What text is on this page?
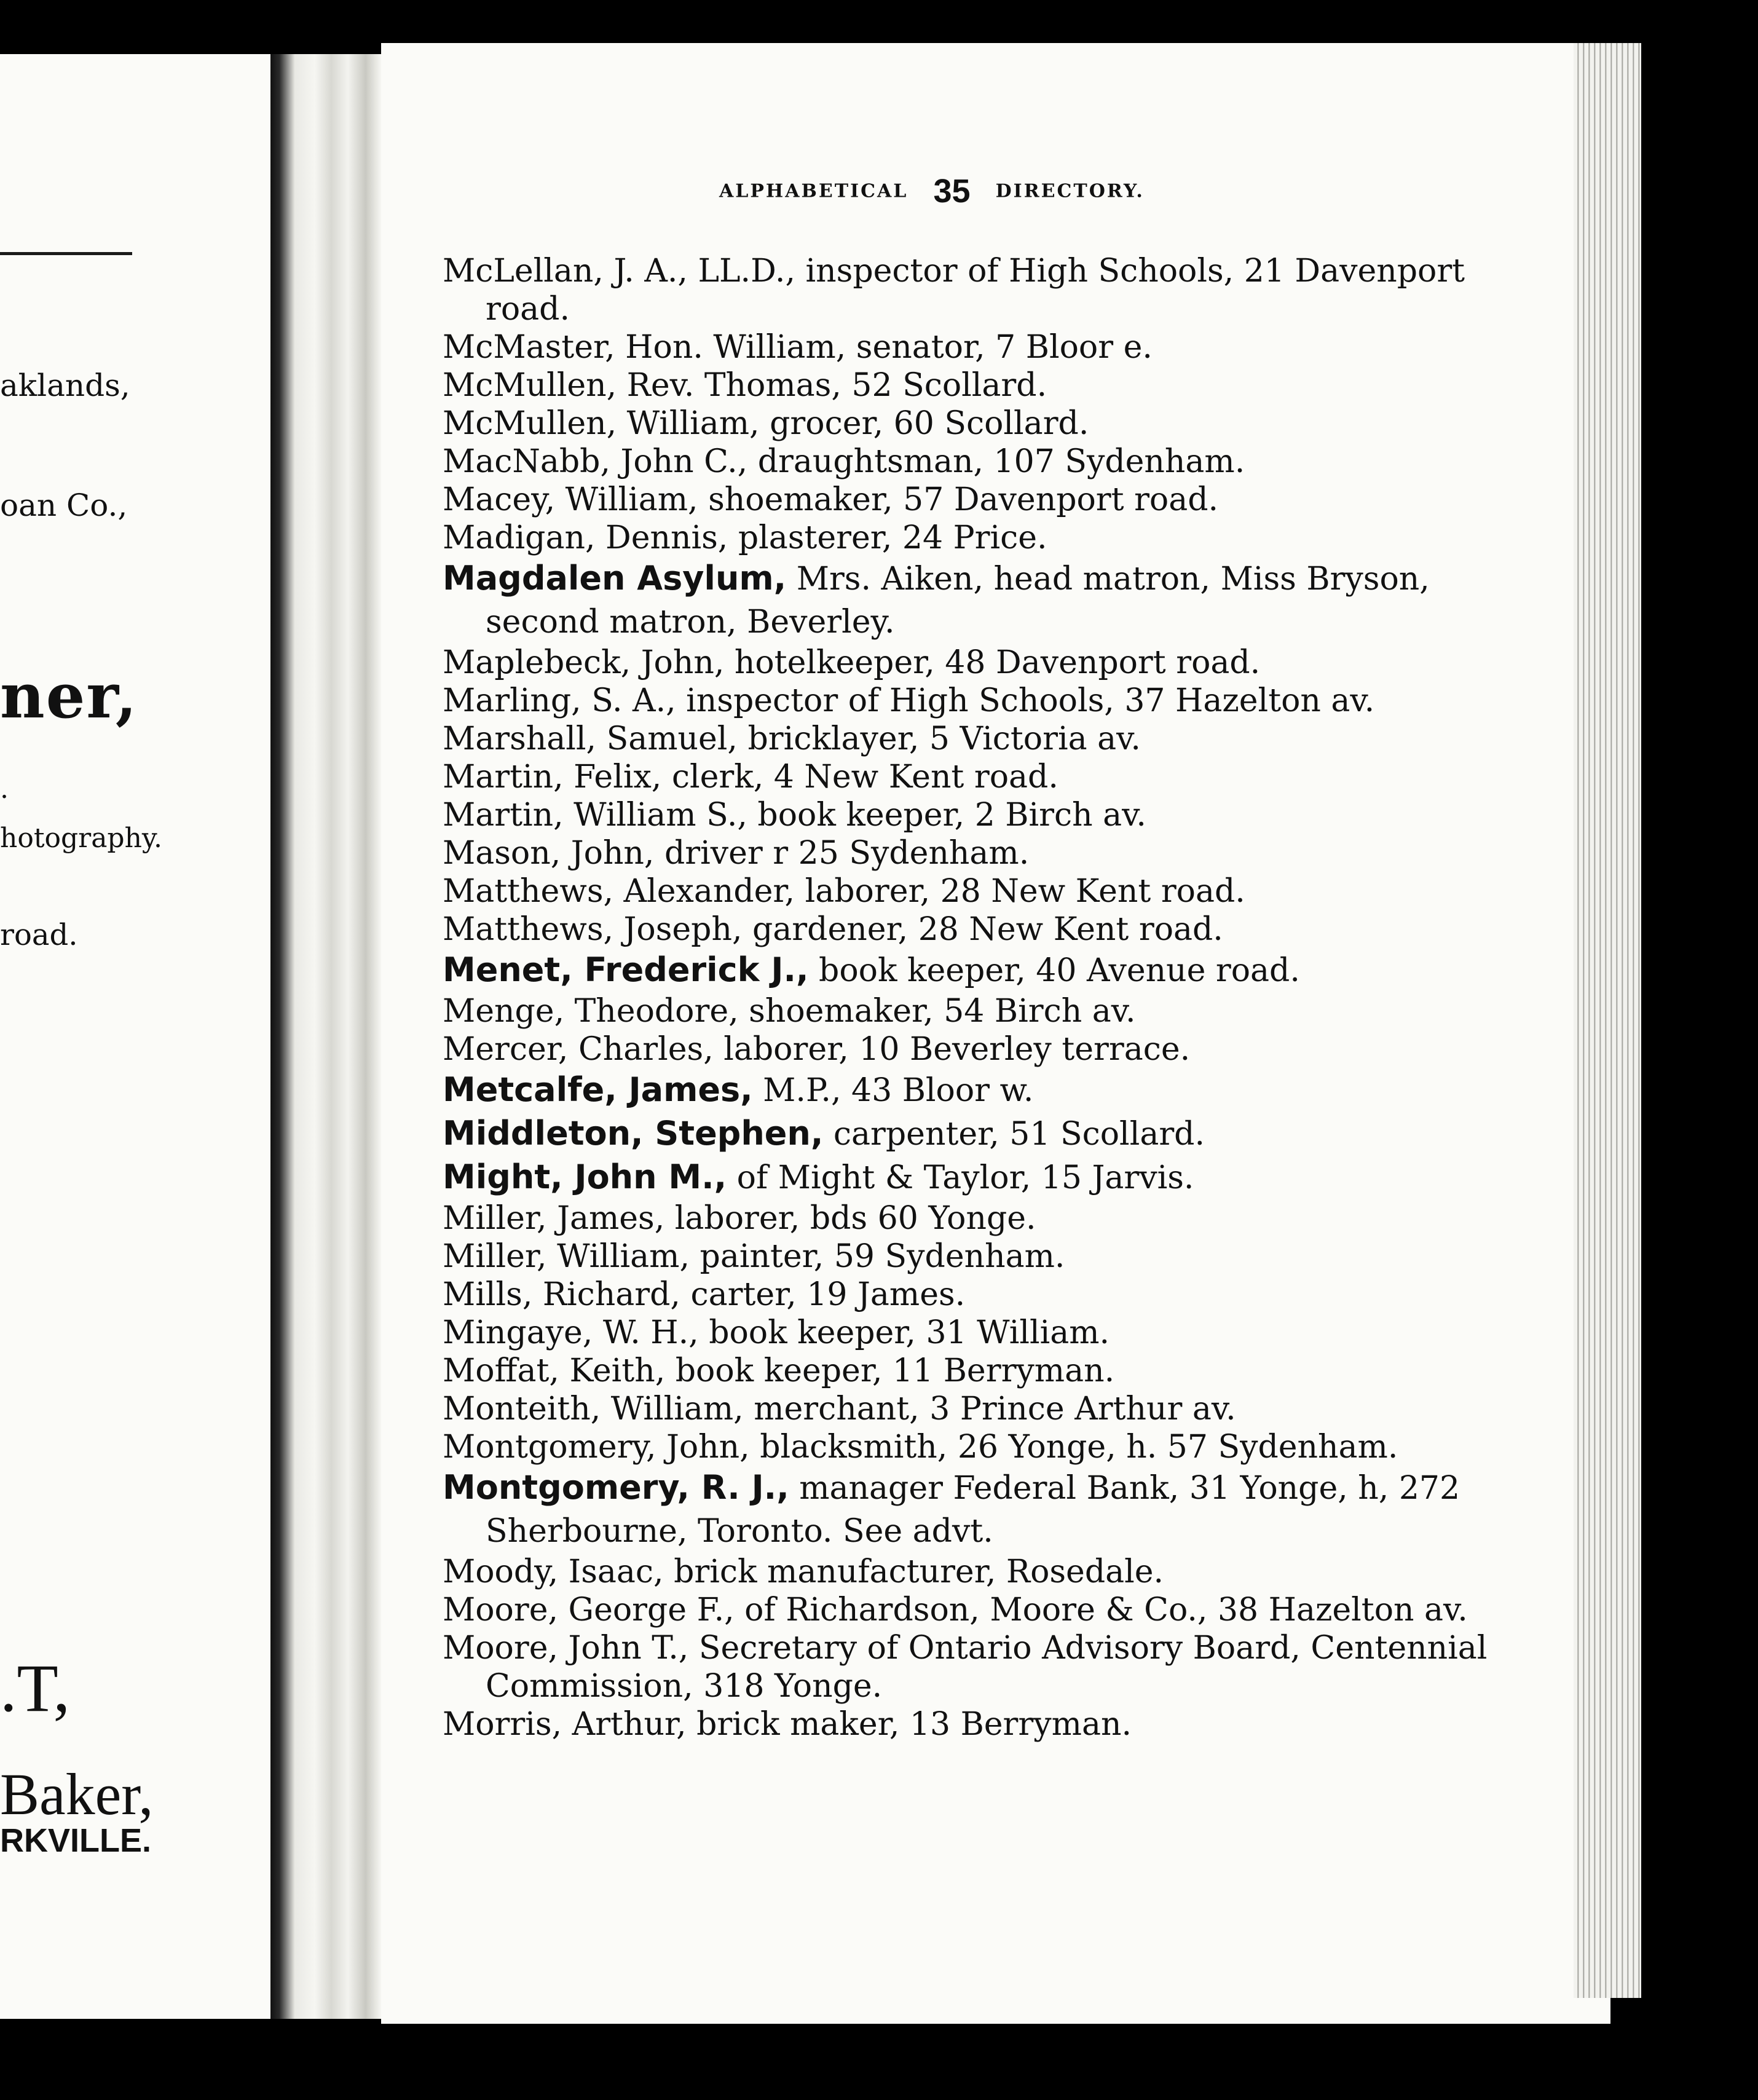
aklands,
oan Co.,
ner,
.
hotography.
road.
.T,
Baker,
RKVILLE.
ALPHABETICAL 35 DIRECTORY.

McLellan, J. A., LL.D., inspector of High Schools, 21 Davenport road.

McMaster, Hon. William, senator, 7 Bloor e.

McMullen, Rev. Thomas, 52 Scollard.

McMullen, William, grocer, 60 Scollard.

MacNabb, John C., draughtsman, 107 Sydenham.

Macey, William, shoemaker, 57 Davenport road.

Madigan, Dennis, plasterer, 24 Price.

Magdalen Asylum, Mrs. Aiken, head matron, Miss Bryson, second matron, Beverley.

Maplebeck, John, hotelkeeper, 48 Davenport road.

Marling, S. A., inspector of High Schools, 37 Hazelton av.

Marshall, Samuel, bricklayer, 5 Victoria av.

Martin, Felix, clerk, 4 New Kent road.

Martin, William S., book keeper, 2 Birch av.

Mason, John, driver r 25 Sydenham.

Matthews, Alexander, laborer, 28 New Kent road.

Matthews, Joseph, gardener, 28 New Kent road.

Menet, Frederick J., book keeper, 40 Avenue road.

Menge, Theodore, shoemaker, 54 Birch av.

Mercer, Charles, laborer, 10 Beverley terrace.

Metcalfe, James, M.P., 43 Bloor w.

Middleton, Stephen, carpenter, 51 Scollard.

Might, John M., of Might & Taylor, 15 Jarvis.

Miller, James, laborer, bds 60 Yonge.

Miller, William, painter, 59 Sydenham.

Mills, Richard, carter, 19 James.

Mingaye, W. H., book keeper, 31 William.

Moffat, Keith, book keeper, 11 Berryman.

Monteith, William, merchant, 3 Prince Arthur av.

Montgomery, John, blacksmith, 26 Yonge, h. 57 Sydenham.

Montgomery, R. J., manager Federal Bank, 31 Yonge, h, 272 Sherbourne, Toronto. See advt.

Moody, Isaac, brick manufacturer, Rosedale.

Moore, George F., of Richardson, Moore & Co., 38 Hazelton av.

Moore, John T., Secretary of Ontario Advisory Board, Centennial Commission, 318 Yonge.

Morris, Arthur, brick maker, 13 Berryman.
